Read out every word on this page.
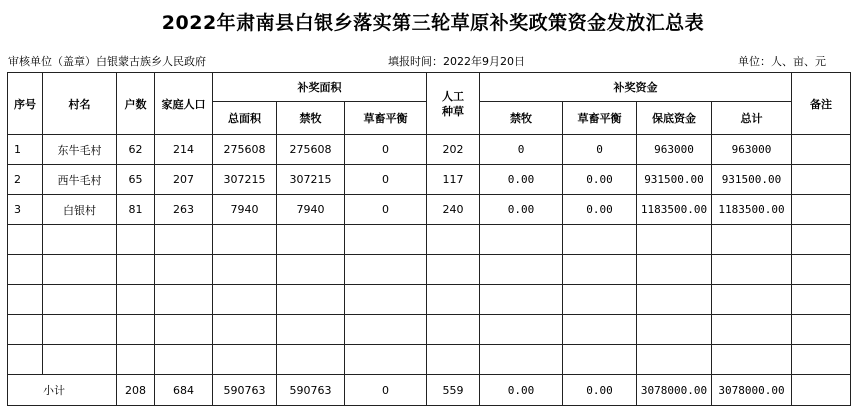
2022年肃南县白银乡落实第三轮草原补奖政策资金发放汇总表
审核单位（盖章）白银蒙古族乡人民政府	填报时间：2022年9月20日	单位：人、亩、元
序号	村名	户数	家庭人口	补奖面积			人工种草	补奖资金				备注
				总面积	禁牧	草畜平衡		禁牧	草畜平衡	保底资金	总计	
1	东牛毛村	62	214	275608	275608	0	202	0	0	963000	963000	
2	西牛毛村	65	207	307215	307215	0	117	0.00	0.00	931500.00	931500.00	
3	白银村	81	263	7940	7940	0	240	0.00	0.00	1183500.00	1183500.00	

小计		208	684	590763	590763	0	559	0.00	0.00	3078000.00	3078000.00	
